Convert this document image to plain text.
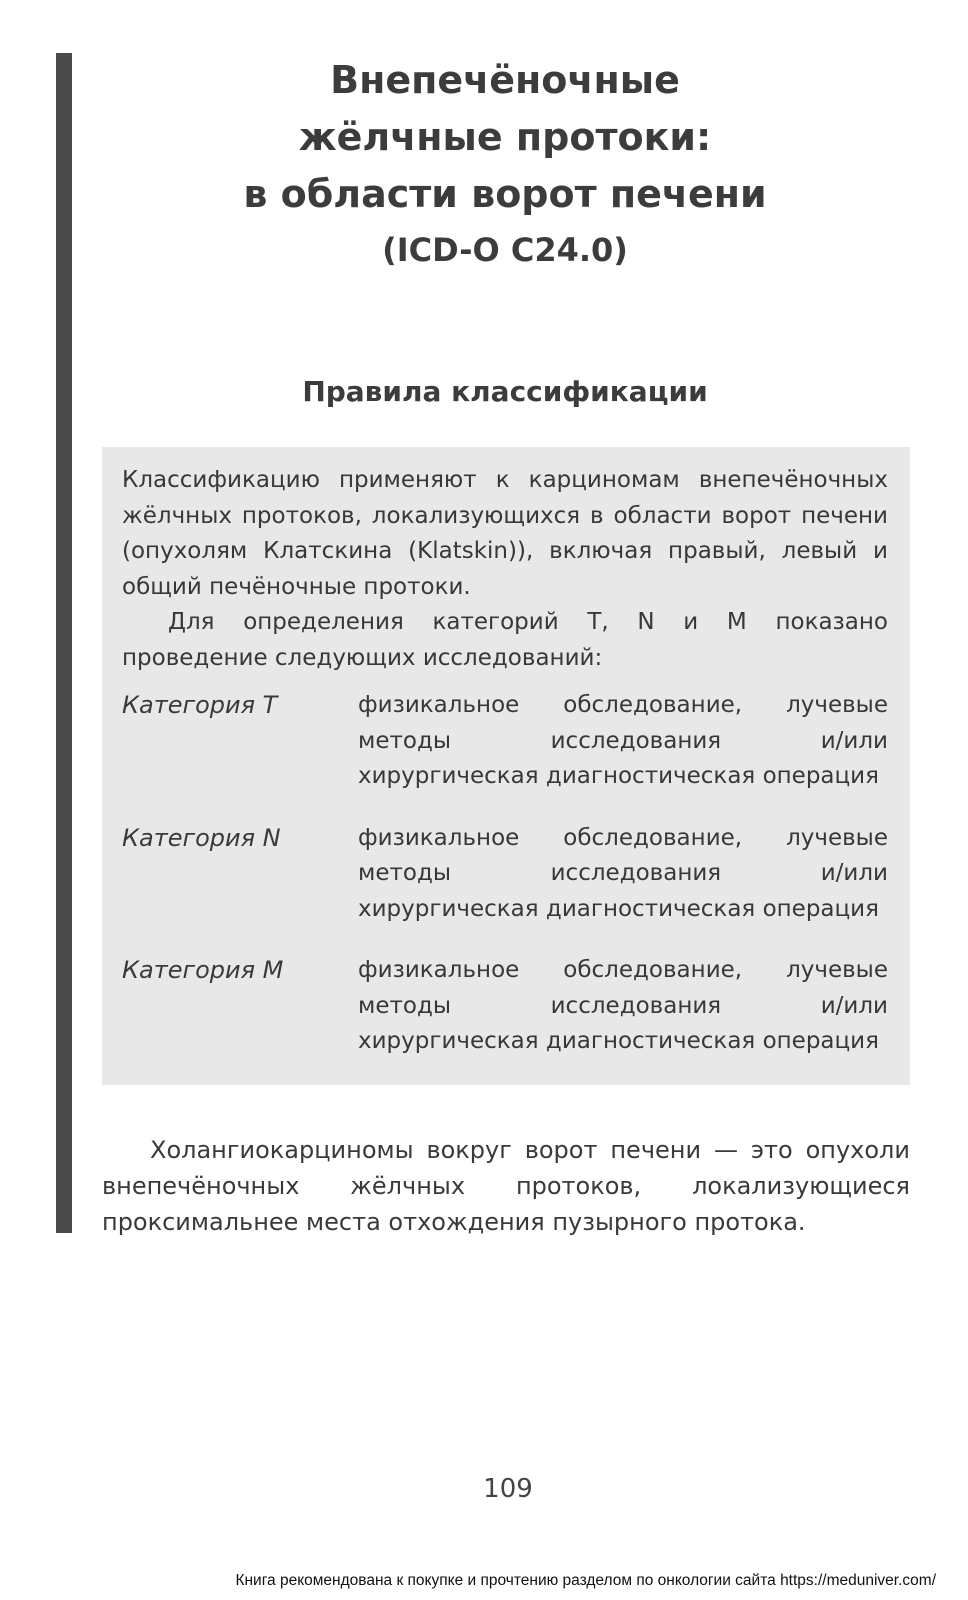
Внепечёночные
жёлчные протоки:
в области ворот печени
(ICD-O C24.0)
Правила классификации

Классификацию применяют к карциномам внепечёночных жёлчных протоков, локализующихся в области ворот печени (опухолям Клатскина (Klatskin)), включая правый, левый и общий печёночные протоки.

Для определения категорий T, N и M показано проведение следующих исследований:

Категория T	физикальное обследование, лучевые методы исследования и/или хирургическая диагностическая операция
Категория N	физикальное обследование, лучевые методы исследования и/или хирургическая диагностическая операция
Категория M	физикальное обследование, лучевые методы исследования и/или хирургическая диагностическая операция

Холангиокарциномы вокруг ворот печени — это опухоли внепечёночных жёлчных протоков, локализующиеся проксимальнее места отхождения пузырного протока.

109
Книга рекомендована к покупке и прочтению разделом по онкологии сайта https://meduniver.com/
